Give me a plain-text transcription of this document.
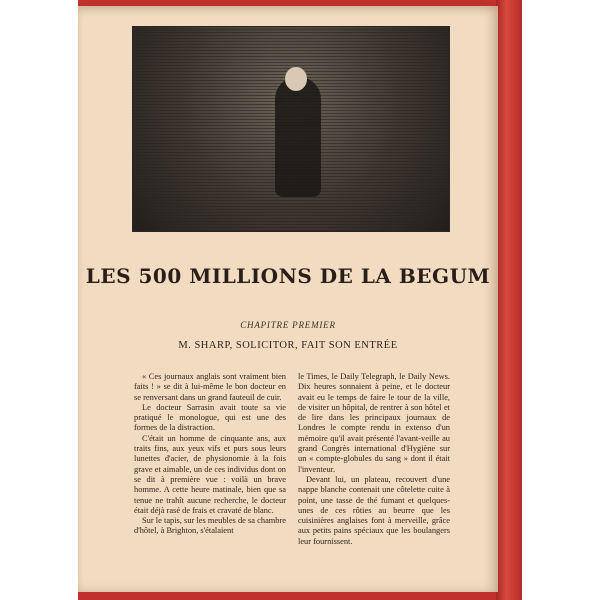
LES 500 MILLIONS DE LA BEGUM
CHAPITRE PREMIER
M. SHARP, SOLICITOR, FAIT SON ENTRÉE

« Ces journaux anglais sont vraiment bien faits ! » se dit à lui-même le bon docteur en se renversant dans un grand fauteuil de cuir.

Le docteur Sarrasin avait toute sa vie pratiqué le monologue, qui est une des formes de la distraction.

C'était un homme de cinquante ans, aux traits fins, aux yeux vifs et purs sous leurs lunettes d'acier, de physionomie à la fois grave et aimable, un de ces individus dont on se dit à première vue : voilà un brave homme. A cette heure matinale, bien que sa tenue ne trahît aucune recherche, le docteur était déjà rasé de frais et cravaté de blanc.

Sur le tapis, sur les meubles de sa chambre d'hôtel, à Brighton, s'étalaient

le Times, le Daily Telegraph, le Daily News. Dix heures sonnaient à peine, et le docteur avait eu le temps de faire le tour de la ville, de visiter un hôpital, de rentrer à son hôtel et de lire dans les principaux journaux de Londres le compte rendu in extenso d'un mémoire qu'il avait présenté l'avant-veille au grand Congrès international d'Hygiène sur un « compte-globules du sang » dont il était l'inventeur.

Devant lui, un plateau, recouvert d'une nappe blanche contenait une côtelette cuite à point, une tasse de thé fumant et quelques-unes de ces rôties au beurre que les cuisinières anglaises font à merveille, grâce aux petits pains spéciaux que les boulangers leur fournissent.
